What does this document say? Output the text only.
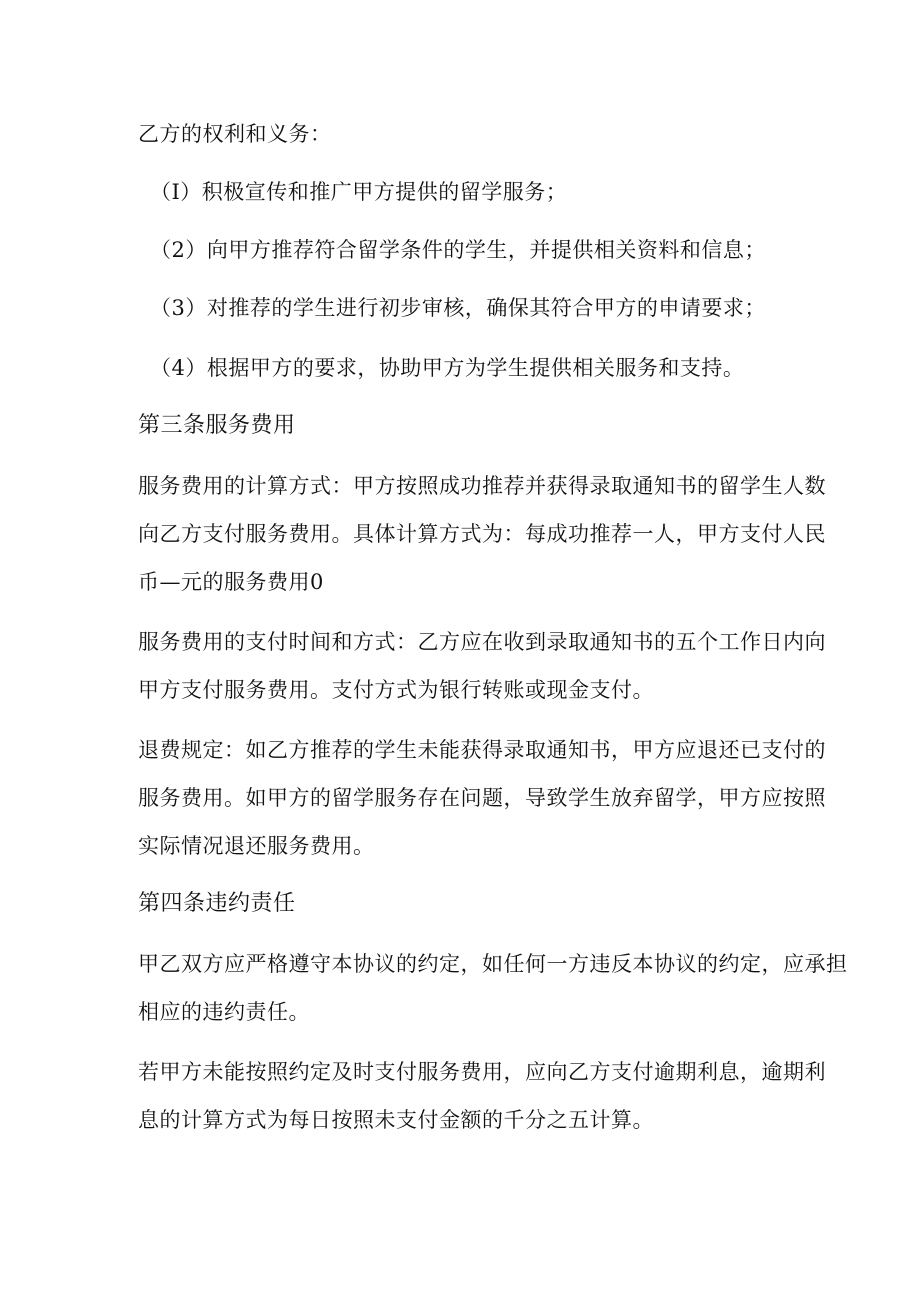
乙方的权利和义务：
（I）积极宣传和推广甲方提供的留学服务；
（2）向甲方推荐符合留学条件的学生，并提供相关资料和信息；
（3）对推荐的学生进行初步审核，确保其符合甲方的申请要求；
（4）根据甲方的要求，协助甲方为学生提供相关服务和支持。
第三条服务费用
服务费用的计算方式：甲方按照成功推荐并获得录取通知书的留学生人数
向乙方支付服务费用。具体计算方式为：每成功推荐一人，甲方支付人民
币—元的服务费用0
服务费用的支付时间和方式：乙方应在收到录取通知书的五个工作日内向
甲方支付服务费用。支付方式为银行转账或现金支付。
退费规定：如乙方推荐的学生未能获得录取通知书，甲方应退还已支付的
服务费用。如甲方的留学服务存在问题，导致学生放弃留学，甲方应按照
实际情况退还服务费用。
第四条违约责任
甲乙双方应严格遵守本协议的约定，如任何一方违反本协议的约定，应承担
相应的违约责任。
若甲方未能按照约定及时支付服务费用，应向乙方支付逾期利息，逾期利
息的计算方式为每日按照未支付金额的千分之五计算。
